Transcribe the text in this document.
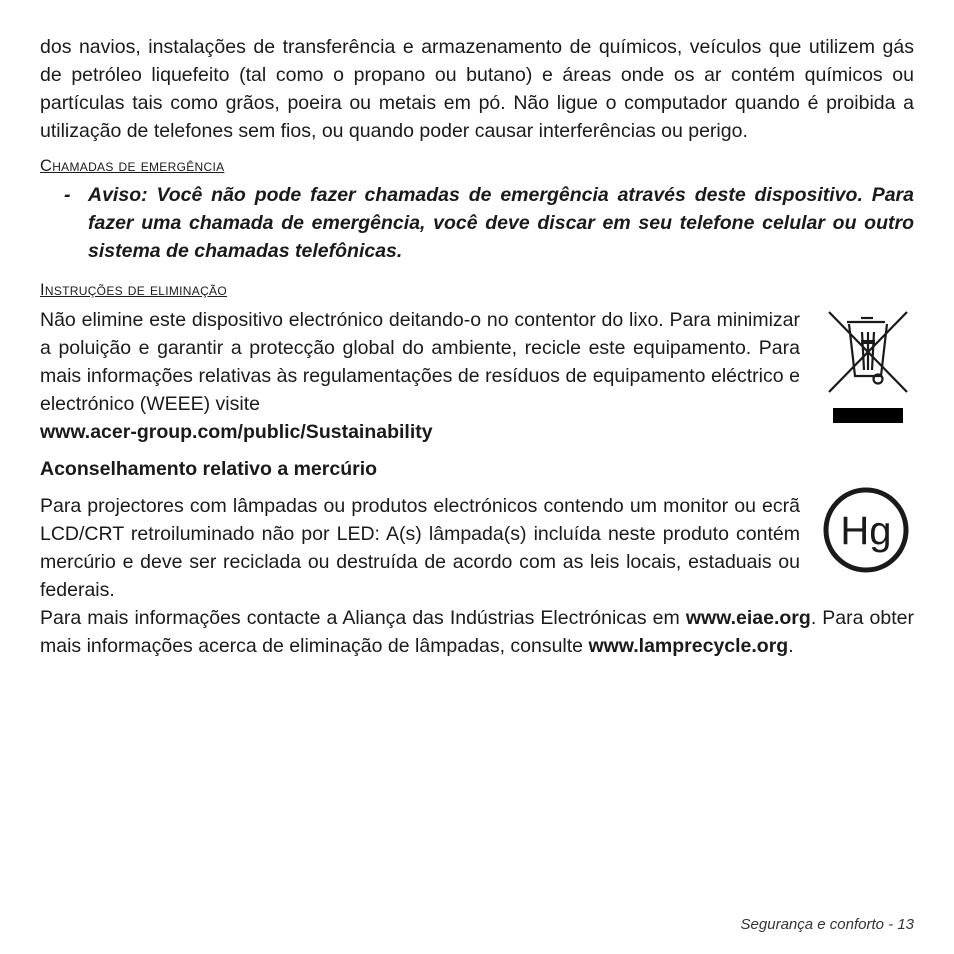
dos navios, instalações de transferência e armazenamento de químicos, veículos que utilizem gás de petróleo liquefeito (tal como o propano ou butano) e áreas onde os ar contém químicos ou partículas tais como grãos, poeira ou metais em pó. Não ligue o computador quando é proibida a utilização de telefones sem fios, ou quando poder causar interferências ou perigo.

Chamadas de emergência
- Aviso: Você não pode fazer chamadas de emergência através deste dispositivo. Para fazer uma chamada de emergência, você deve discar em seu telefone celular ou outro sistema de chamadas telefônicas.
Instruções de eliminação

Não elimine este dispositivo electrónico deitando-o no contentor do lixo. Para minimizar a poluição e garantir a protecção global do ambiente, recicle este equipamento. Para mais informações relativas às regulamentações de resíduos de equipamento eléctrico e electrónico (WEEE) visite

www.acer-group.com/public/Sustainability

Aconselhamento relativo a mercúrio

Para projectores com lâmpadas ou produtos electrónicos contendo um monitor ou ecrã LCD/CRT retroiluminado não por LED: A(s) lâmpada(s) incluída neste produto contém mercúrio e deve ser reciclada ou destruída de acordo com as leis locais, estaduais ou federais.

Hg

Para mais informações contacte a Aliança das Indústrias Electrónicas em www.eiae.org. Para obter mais informações acerca de eliminação de lâmpadas, consulte www.lamprecycle.org.

Segurança e conforto - 13
